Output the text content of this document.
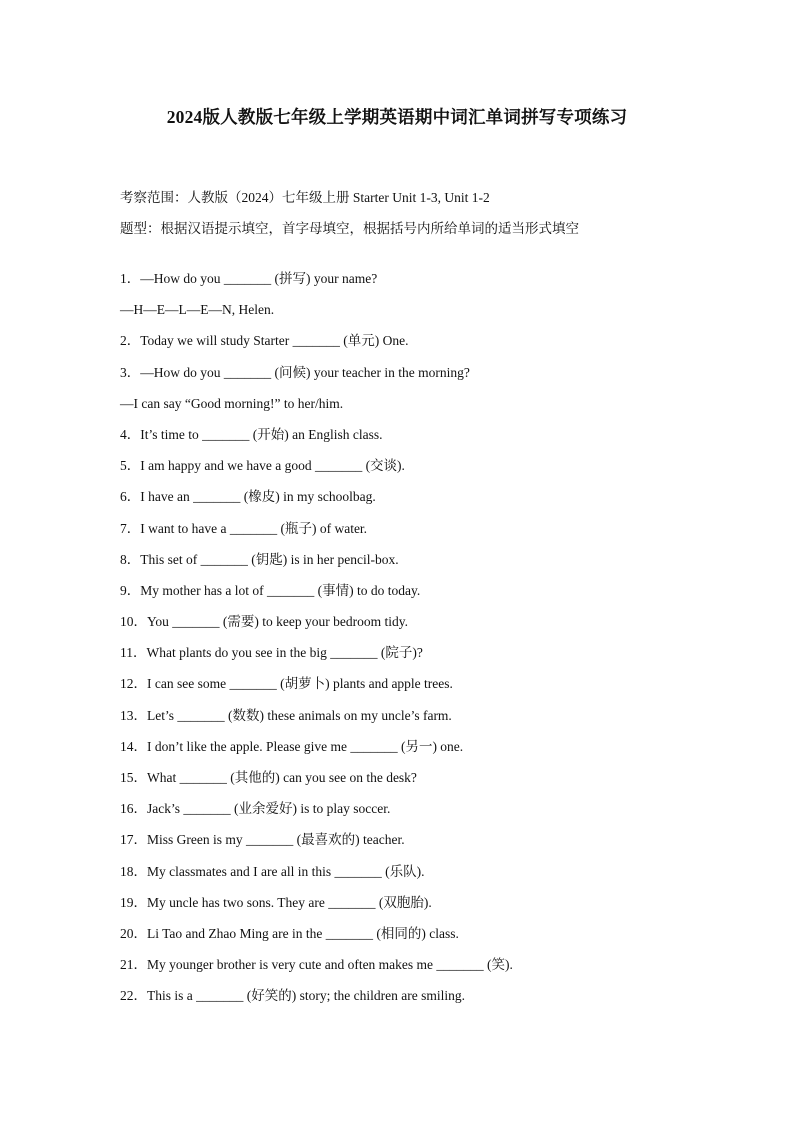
2024版人教版七年级上学期英语期中词汇单词拼写专项练习
考察范围：人教版（2024）七年级上册 Starter Unit 1-3, Unit 1-2
题型：根据汉语提示填空，首字母填空，根据括号内所给单词的适当形式填空
1．—How do you _______ (拼写) your name?
—H—E—L—E—N, Helen.
2．Today we will study Starter _______ (单元) One.
3．—How do you _______ (问候) your teacher in the morning?
—I can say “Good morning!” to her/him.
4．It’s time to _______ (开始) an English class.
5．I am happy and we have a good _______ (交谈).
6．I have an _______ (橡皮) in my schoolbag.
7．I want to have a _______ (瓶子) of water.
8．This set of _______ (钥匙) is in her pencil-box.
9．My mother has a lot of _______ (事情) to do today.
10．You _______ (需要) to keep your bedroom tidy.
11．What plants do you see in the big _______ (院子)?
12．I can see some _______ (胡萝卜) plants and apple trees.
13．Let’s _______ (数数) these animals on my uncle’s farm.
14．I don’t like the apple. Please give me _______ (另一) one.
15．What _______ (其他的) can you see on the desk?
16．Jack’s _______ (业余爱好) is to play soccer.
17．Miss Green is my _______ (最喜欢的) teacher.
18．My classmates and I are all in this _______ (乐队).
19．My uncle has two sons. They are _______ (双胞胎).
20．Li Tao and Zhao Ming are in the _______ (相同的) class.
21．My younger brother is very cute and often makes me _______ (笑).
22．This is a _______ (好笑的) story; the children are smiling.
